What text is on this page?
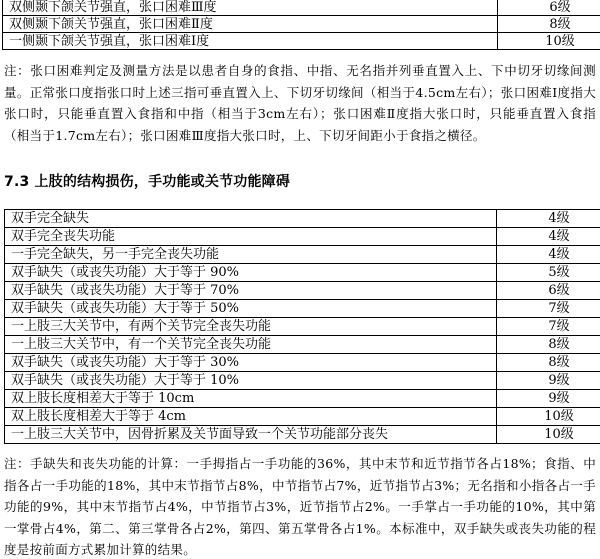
双侧颞下颌关节强直，张口困难Ⅲ度	6级
双侧颞下颌关节强直，张口困难Ⅱ度	8级
一侧颞下颌关节强直，张口困难Ⅰ度	10级

注：张口困难判定及测量方法是以患者自身的食指、中指、无名指并列垂直置入上、下中切牙切缘间测量。正常张口度指张口时上述三指可垂直置入上、下切牙切缘间（相当于4.5cm左右）；张口困难Ⅰ度指大张口时，只能垂直置入食指和中指（相当于3cm左右）；张口困难Ⅱ度指大张口时，只能垂直置入食指（相当于1.7cm左右）；张口困难Ⅲ度指大张口时，上、下切牙间距小于食指之横径。

7.3 上肢的结构损伤，手功能或关节功能障碍
双手完全缺失	4级
双手完全丧失功能	4级
一手完全缺失，另一手完全丧失功能	4级
双手缺失（或丧失功能）大于等于 90%	5级
双手缺失（或丧失功能）大于等于 70%	6级
双手缺失（或丧失功能）大于等于 50%	7级
一上肢三大关节中，有两个关节完全丧失功能	7级
一上肢三大关节中，有一个关节完全丧失功能	8级
双手缺失（或丧失功能）大于等于 30%	8级
双手缺失（或丧失功能）大于等于 10%	9级
双上肢长度相差大于等于 10cm	9级
双上肢长度相差大于等于 4cm	10级
一上肢三大关节中，因骨折累及关节面导致一个关节功能部分丧失	10级

注：手缺失和丧失功能的计算：一手拇指占一手功能的36%，其中末节和近节指节各占18%；食指、中指各占一手功能的18%，其中末节指节占8%，中节指节占7%，近节指节占3%；无名指和小指各占一手功能的9%，其中末节指节占4%，中节指节占3%，近节指节占2%。一手掌占一手功能的10%，其中第一掌骨占4%，第二、第三掌骨各占2%，第四、第五掌骨各占1%。本标准中，双手缺失或丧失功能的程度是按前面方式累加计算的结果。
